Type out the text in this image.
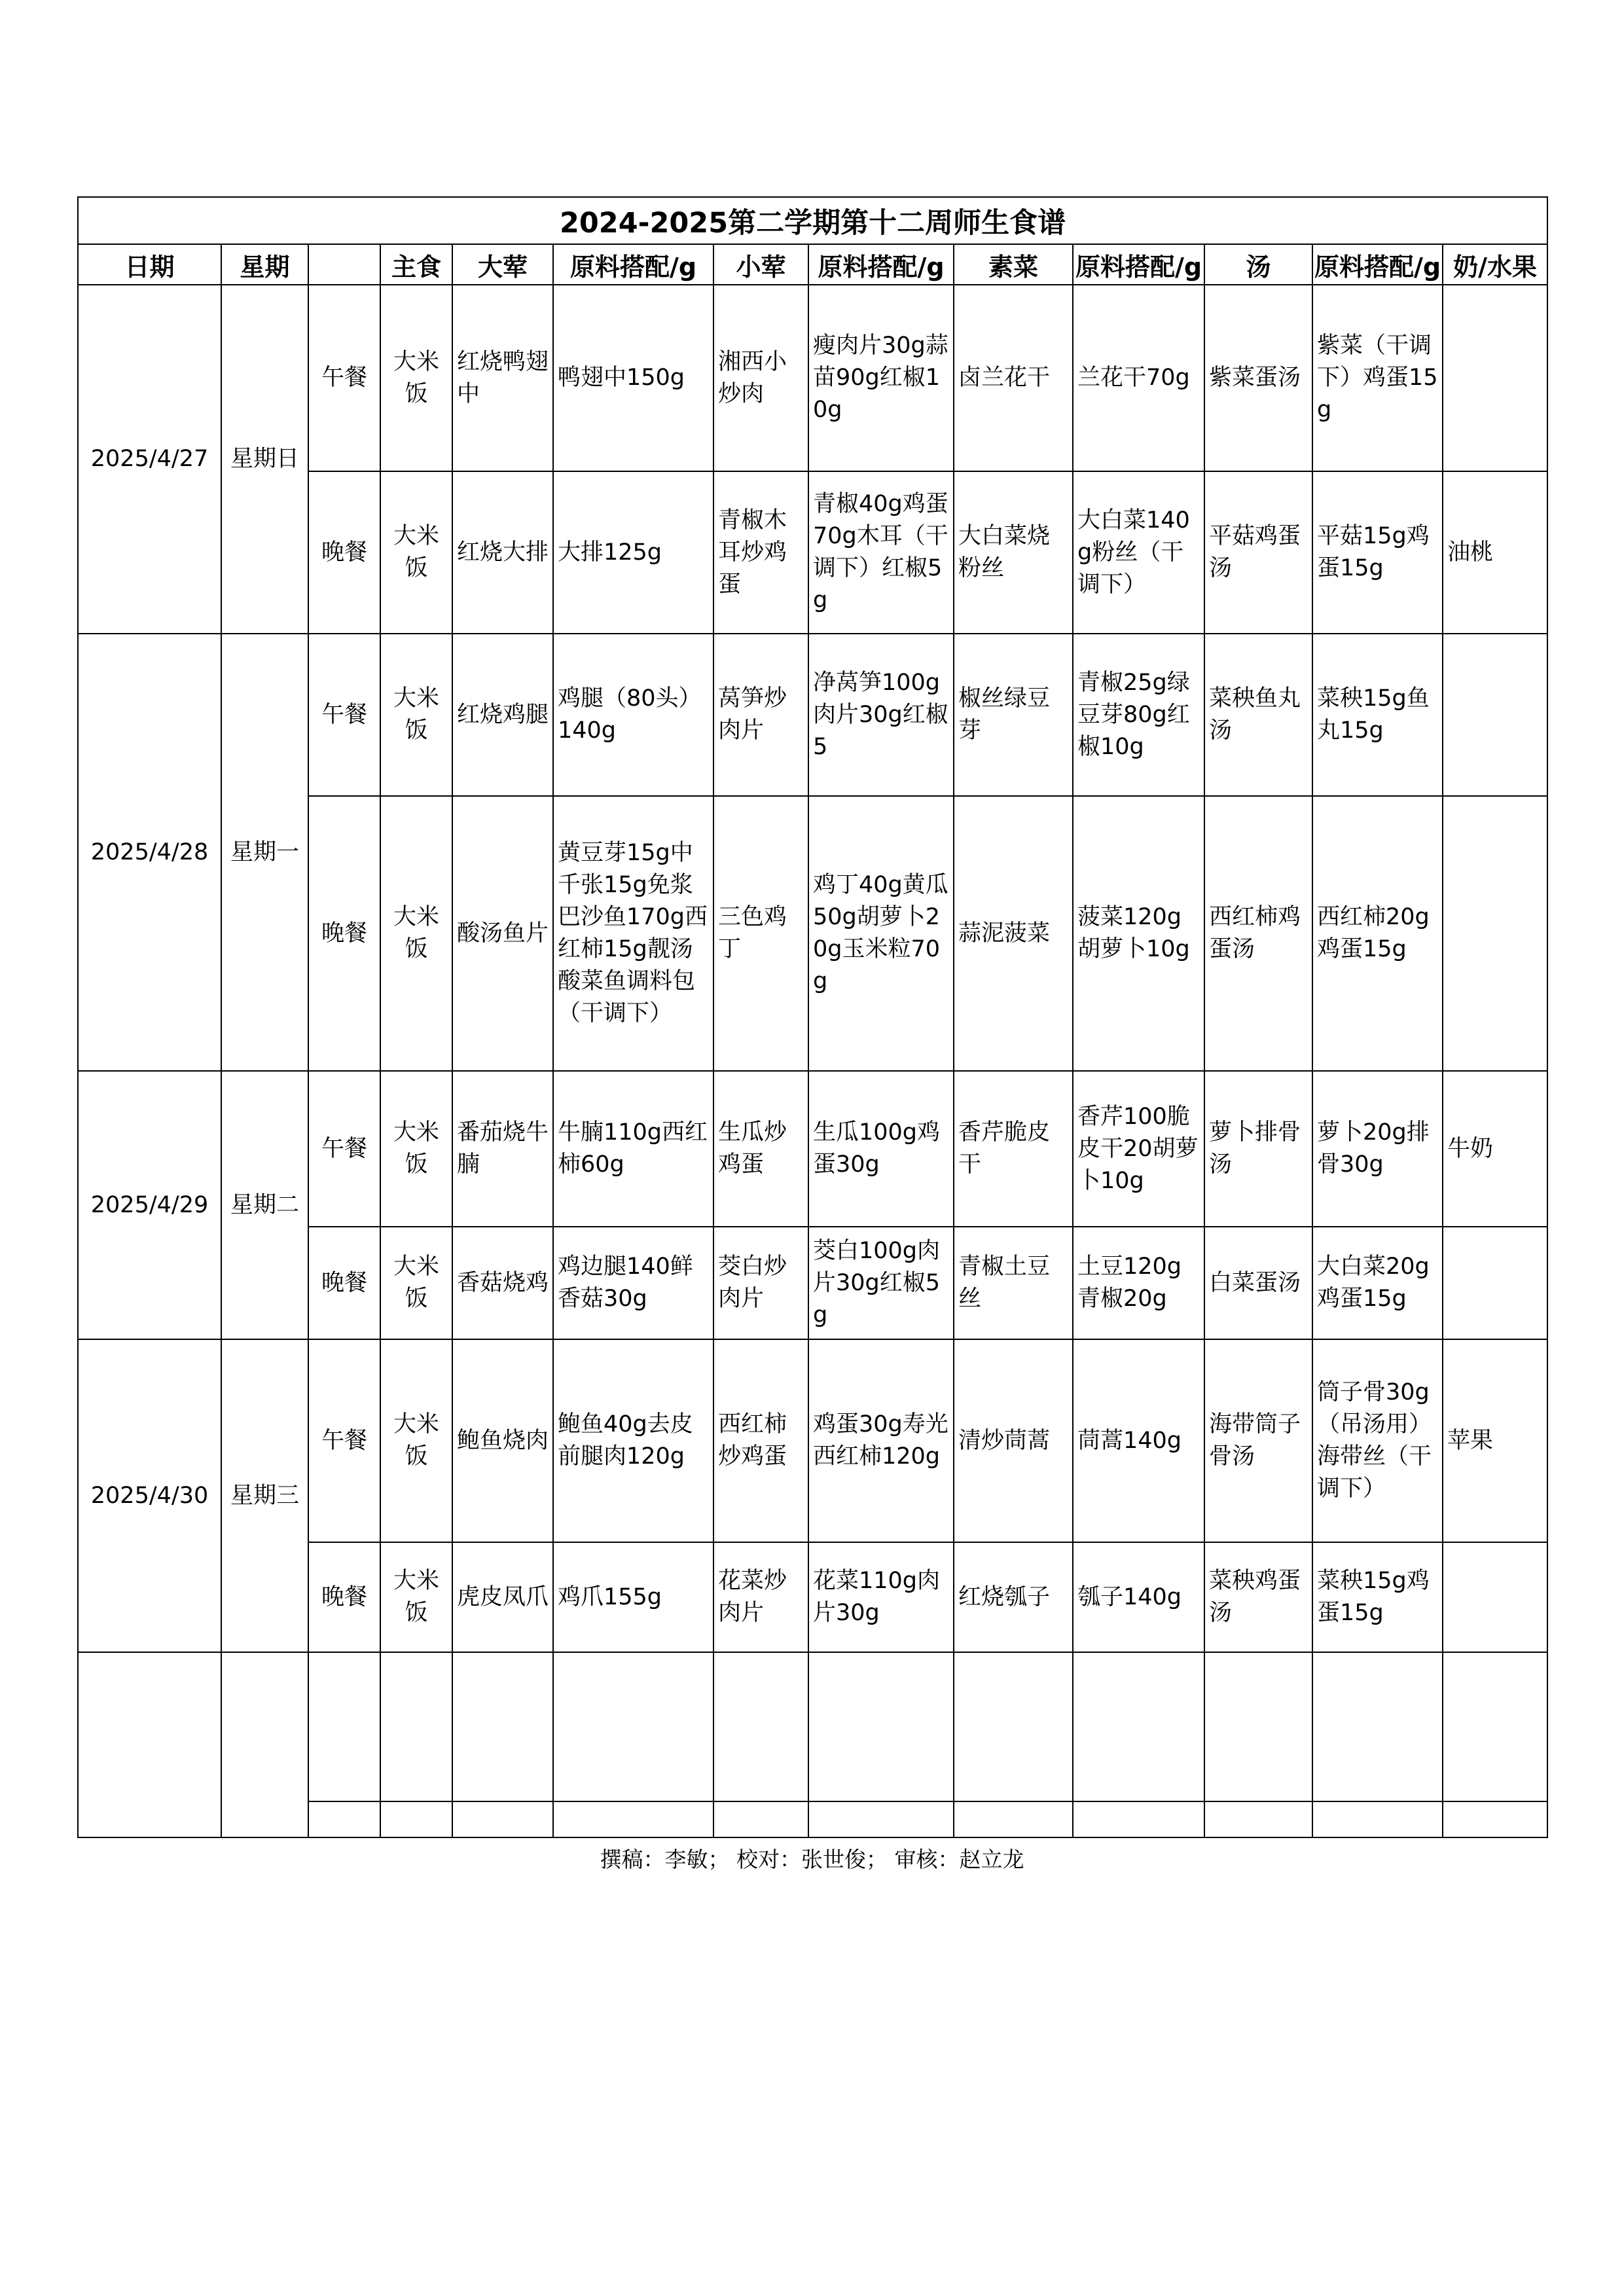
2024-2025第二学期第十二周师生食谱												
日期	星期		主食	大荤	原料搭配/g	小荤	原料搭配/g	素菜	原料搭配/g	汤	原料搭配/g	奶/水果
2025/4/27	星期日	午餐	大米饭	红烧鸭翅中	鸭翅中150g	湘西小炒肉	瘦肉片30g蒜苗90g红椒10g	卤兰花干	兰花干70g	紫菜蛋汤	紫菜（干调下）鸡蛋15g	
		晚餐	大米饭	红烧大排	大排125g	青椒木耳炒鸡蛋	青椒40g鸡蛋70g木耳（干调下）红椒5g	大白菜烧粉丝	大白菜140g粉丝（干调下）	平菇鸡蛋汤	平菇15g鸡蛋15g	油桃
2025/4/28	星期一	午餐	大米饭	红烧鸡腿	鸡腿（80头）140g	莴笋炒肉片	净莴笋100g肉片30g红椒5	椒丝绿豆芽	青椒25g绿豆芽80g红椒10g	菜秧鱼丸汤	菜秧15g鱼丸15g	
		晚餐	大米饭	酸汤鱼片	黄豆芽15g中千张15g免浆巴沙鱼170g西红柿15g靓汤酸菜鱼调料包（干调下）	三色鸡丁	鸡丁40g黄瓜50g胡萝卜20g玉米粒70g	蒜泥菠菜	菠菜120g胡萝卜10g	西红柿鸡蛋汤	西红柿20g鸡蛋15g	
2025/4/29	星期二	午餐	大米饭	番茄烧牛腩	牛腩110g西红柿60g	生瓜炒鸡蛋	生瓜100g鸡蛋30g	香芹脆皮干	香芹100脆皮干20胡萝卜10g	萝卜排骨汤	萝卜20g排骨30g	牛奶
		晚餐	大米饭	香菇烧鸡	鸡边腿140鲜香菇30g	茭白炒肉片	茭白100g肉片30g红椒5g	青椒土豆丝	土豆120g青椒20g	白菜蛋汤	大白菜20g鸡蛋15g	
2025/4/30	星期三	午餐	大米饭	鲍鱼烧肉	鲍鱼40g去皮前腿肉120g	西红柿炒鸡蛋	鸡蛋30g寿光西红柿120g	清炒茼蒿	茼蒿140g	海带筒子骨汤	筒子骨30g（吊汤用）海带丝（干调下）	苹果
		晚餐	大米饭	虎皮凤爪	鸡爪155g	花菜炒肉片	花菜110g肉片30g	红烧瓠子	瓠子140g	菜秧鸡蛋汤	菜秧15g鸡蛋15g	

撰稿：李敏； 校对：张世俊； 审核：赵立龙
